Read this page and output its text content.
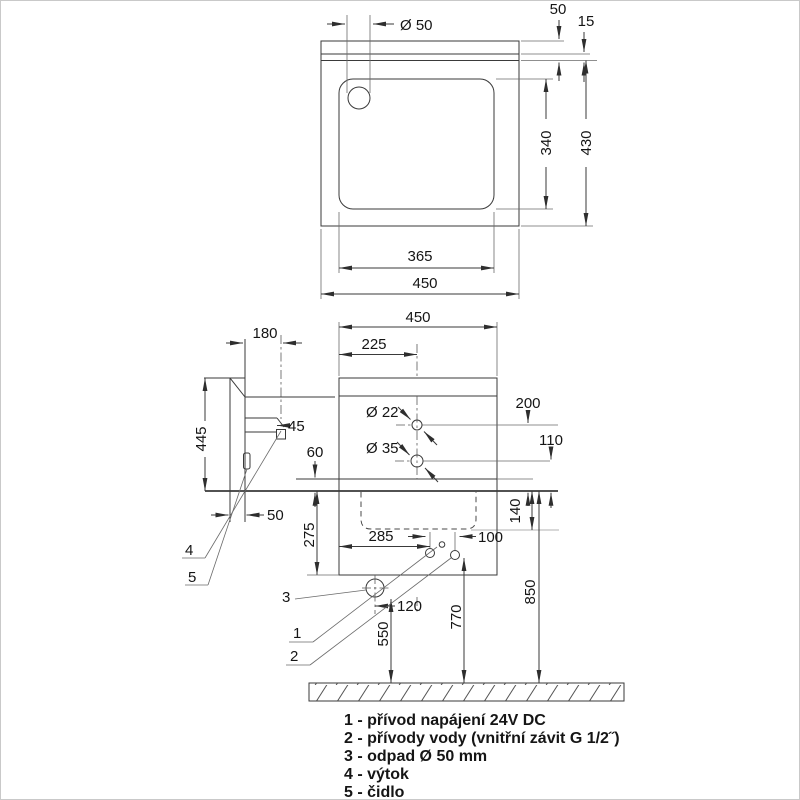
Ø 50
50
15
340 430
365
450
180
445	45
50
Ø 22
Ø 35
450
225
200
110
60
140
850
285	100
275
120
550
770
1
2
3
4
5
1 - přívod napájení 24V DC
2 - přívody vody (vnitřní závit G 1/2˝)
3 - odpad Ø 50 mm
4 - výtok
5 - čidlo
